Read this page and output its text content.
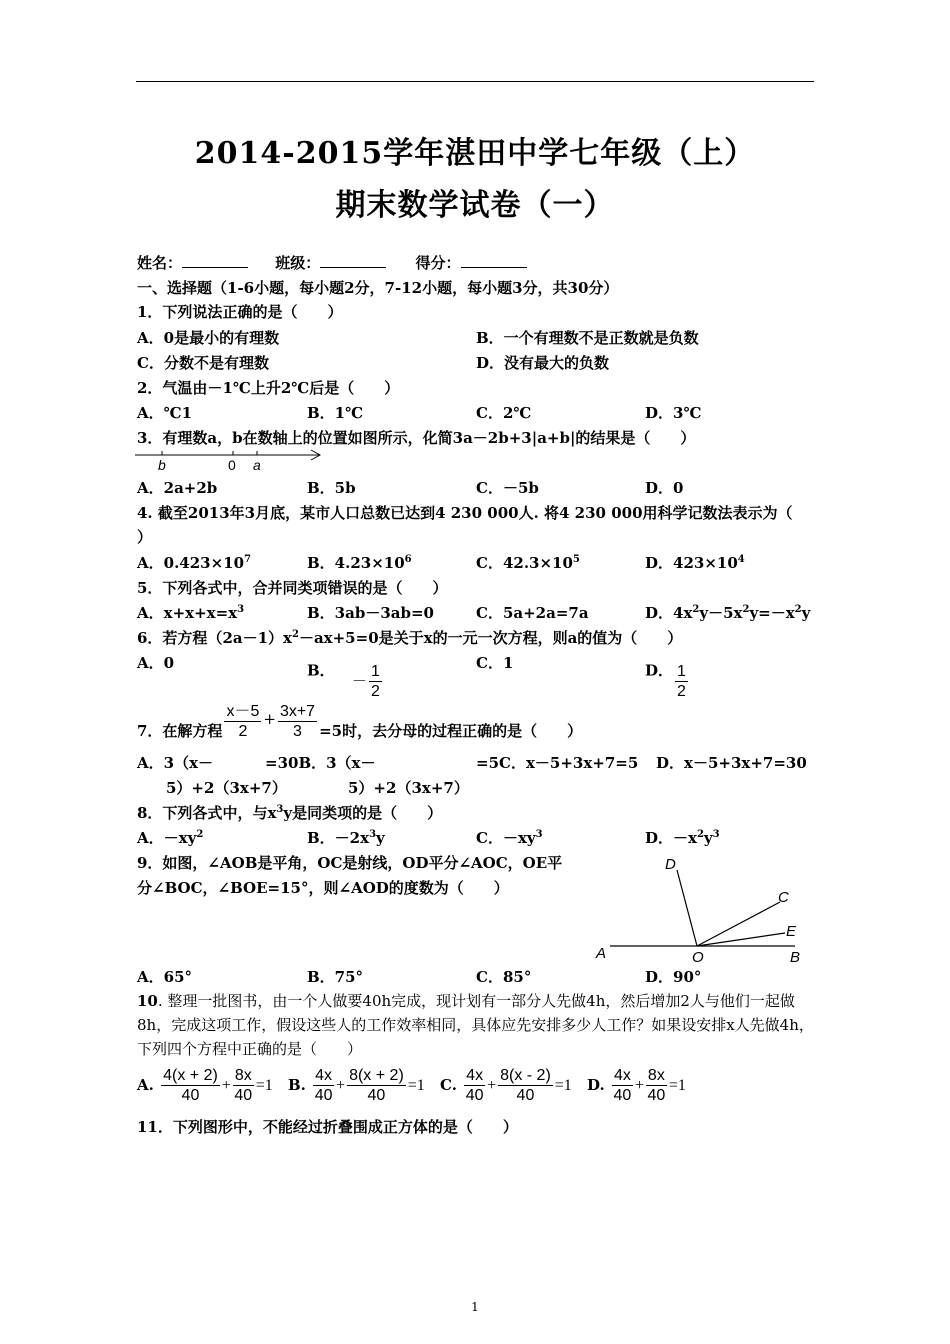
2014-2015学年湛田中学七年级（上）
期末数学试卷（一）
姓名：	班级：	得分：
一、选择题（1-6小题，每小题2分，7-12小题，每小题3分，共30分）
1．下列说法正确的是（　　）
A．0是最小的有理数	B．一个有理数不是正数就是负数
C．分数不是有理数	D．没有最大的负数
2．气温由－1℃上升2℃后是（　　）
A．℃1	B．1℃	C．2℃	D．3℃
3．有理数a，b在数轴上的位置如图所示，化简3a－2b+3|a+b|的结果是（　　）
b	0 a
A．2a+2b	B．5b	C．－5b	D．0
4. 截至2013年3月底，某市人口总数已达到4 230 000人. 将4 230 000用科学记数法表示为（
）
A．$0.423\times 10^7$	B．$4.23\times 10^6$	C．$42.3\times 10^5$	D．$423\times 10^4$
5．下列各式中，合并同类项错误的是（　　）
A．$x+x+x=x^3$	B．3ab－3ab=0	C．5a+2a=7a	D．$4x^2y-5x^2y=-x^2y$
6．若方程$(2a-1)x^2-ax+5=0$是关于x的一元一次方程，则a的值为（　　）
A．0	B． － $\frac{1}{2}$	C．1	D． $\frac{1}{2}$
7．在解方程 $\frac{x-5}{2} + \frac{3x+7}{3} =5$时，去分母的过程正确的是（　　）
A．3（x－	=30B．3（x－	=5C．x－5+3x+7=5 D．x－5+3x+7=30
5）+2（3x+7）	5）+2（3x+7）
8．下列各式中，与$x^3y$是同类项的是（　　）
A．$-xy^2$	B．$-2x^3y$	C．$-xy^3$	D．$-x^2y^3$
9．如图，∠AOB是平角，OC是射线，OD平分∠AOC，OE平
分∠BOC，∠BOE=15°，则∠AOD的度数为（　　）
D
C
E
A	O	B
A．65°	B．75°	C．85°	D．90°
10. 整理一批图书，由一个人做要40h完成，现计划有一部分人先做4h，然后增加2人与他们一起做8h，完成这项工作，假设这些人的工作效率相同，具体应先安排多少人工作？如果设安排x人先做4h，下列四个方程中正确的是（　　）
A. $\frac{4(x + 2)}{40} + \frac{8x}{40} =1$ B. $\frac{4x}{40} + \frac{8(x + 2)}{40} =1$ C. $\frac{4x}{40} + \frac{8(x - 2)}{40} =1$ D. $\frac{4x}{40} + \frac{8x}{40} =1$
11．下列图形中，不能经过折叠围成正方体的是（　　）
1
